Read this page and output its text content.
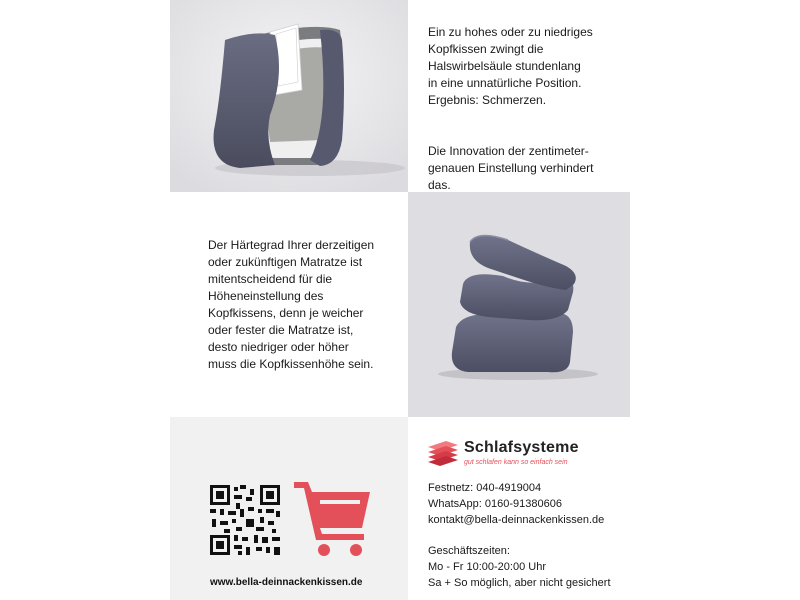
Ein zu hohes oder zu niedriges
Kopfkissen zwingt die
Halswirbelsäule stundenlang
in eine unnatürliche Position.
Ergebnis: Schmerzen.

Die Innovation der zentimeter-
genauen Einstellung verhindert
das.

Der Härtegrad Ihrer derzeitigen
oder zukünftigen Matratze ist
mitentscheidend für die
Höheneinstellung des
Kopfkissens, denn je weicher
oder fester die Matratze ist,
desto niedriger oder höher
muss die Kopfkissenhöhe sein.
www.bella-deinnackenkissen.de
Schlafsysteme
gut schlafen kann so einfach sein
Festnetz: 040-4919004
WhatsApp: 0160-91380606
kontakt@bella-deinnackenkissen.de
Geschäftszeiten:
Mo - Fr 10:00-20:00 Uhr
Sa + So möglich, aber nicht gesichert
